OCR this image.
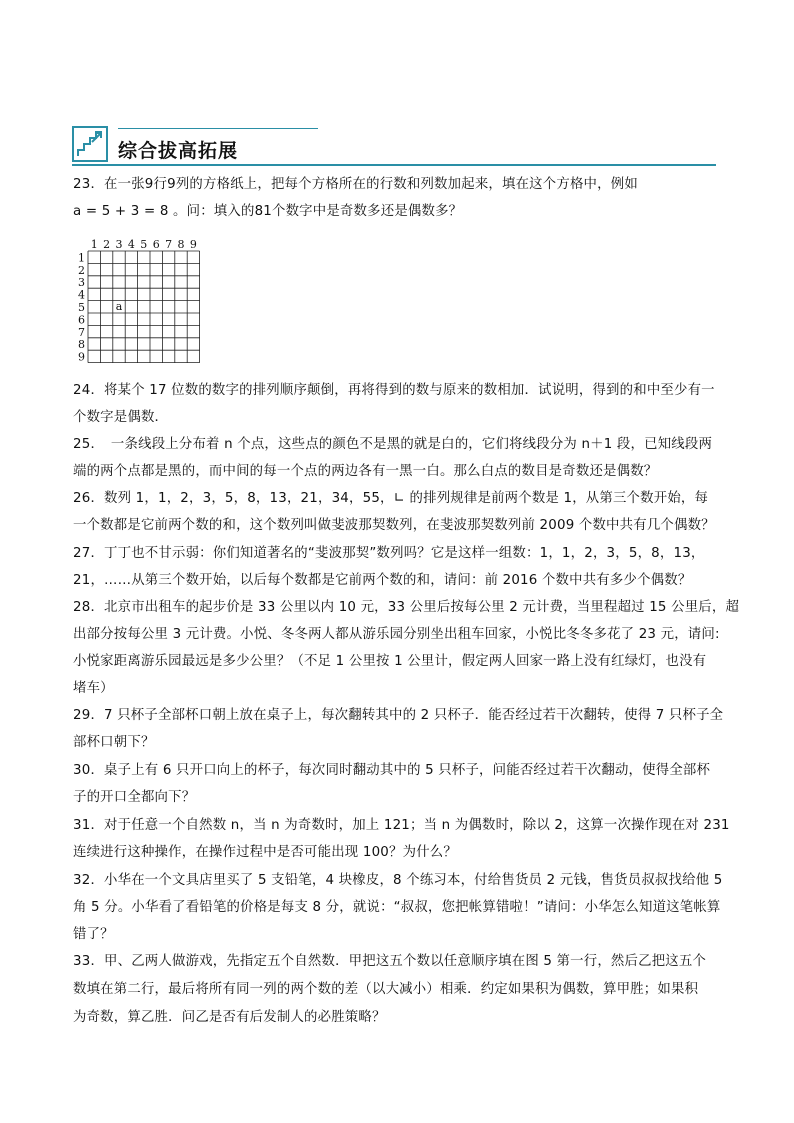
综合拔高拓展
23．在一张9行9列的方格纸上，把每个方格所在的行数和列数加起来，填在这个方格中，例如
a = 5 + 3 = 8 。问：填入的81个数字中是奇数多还是偶数多？
1 2 3 4 5 6 7 8 9
1
2
3
4
5
6
7
8
9
a
24．将某个 17 位数的数字的排列顺序颠倒，再将得到的数与原来的数相加．试说明，得到的和中至少有一
个数字是偶数．
25．　一条线段上分布着 n 个点，这些点的颜色不是黑的就是白的，它们将线段分为 n＋1 段，已知线段两
端的两个点都是黑的，而中间的每一个点的两边各有一黑一白。那么白点的数目是奇数还是偶数？
26．数列 1，1，2，3，5，8，13，21，34，55，∟ 的排列规律是前两个数是 1，从第三个数开始，每
一个数都是它前两个数的和，这个数列叫做斐波那契数列，在斐波那契数列前 2009 个数中共有几个偶数？
27．丁丁也不甘示弱：你们知道著名的“斐波那契”数列吗？它是这样一组数：1，1，2，3，5，8，13，
21，……从第三个数开始，以后每个数都是它前两个数的和，请问：前 2016 个数中共有多少个偶数？
28．北京市出租车的起步价是 33 公里以内 10 元，33 公里后按每公里 2 元计费，当里程超过 15 公里后，超
出部分按每公里 3 元计费。小悦、冬冬两人都从游乐园分别坐出租车回家，小悦比冬冬多花了 23 元，请问:
小悦家距离游乐园最远是多少公里？（不足 1 公里按 1 公里计，假定两人回家一路上没有红绿灯，也没有
堵车）
29．7 只杯子全部杯口朝上放在桌子上，每次翻转其中的 2 只杯子．能否经过若干次翻转，使得 7 只杯子全
部杯口朝下？
30．桌子上有 6 只开口向上的杯子，每次同时翻动其中的 5 只杯子，问能否经过若干次翻动，使得全部杯
子的开口全都向下？
31．对于任意一个自然数 n，当 n 为奇数时，加上 121；当 n 为偶数时，除以 2，这算一次操作现在对 231
连续进行这种操作，在操作过程中是否可能出现 100？为什么？
32．小华在一个文具店里买了 5 支铅笔，4 块橡皮，8 个练习本，付给售货员 2 元钱，售货员叔叔找给他 5
角 5 分。小华看了看铅笔的价格是每支 8 分，就说：“叔叔，您把帐算错啦！”请问：小华怎么知道这笔帐算
错了？
33．甲、乙两人做游戏，先指定五个自然数．甲把这五个数以任意顺序填在图 5 第一行，然后乙把这五个
数填在第二行，最后将所有同一列的两个数的差（以大减小）相乘．约定如果积为偶数，算甲胜；如果积
为奇数，算乙胜．问乙是否有后发制人的必胜策略？
